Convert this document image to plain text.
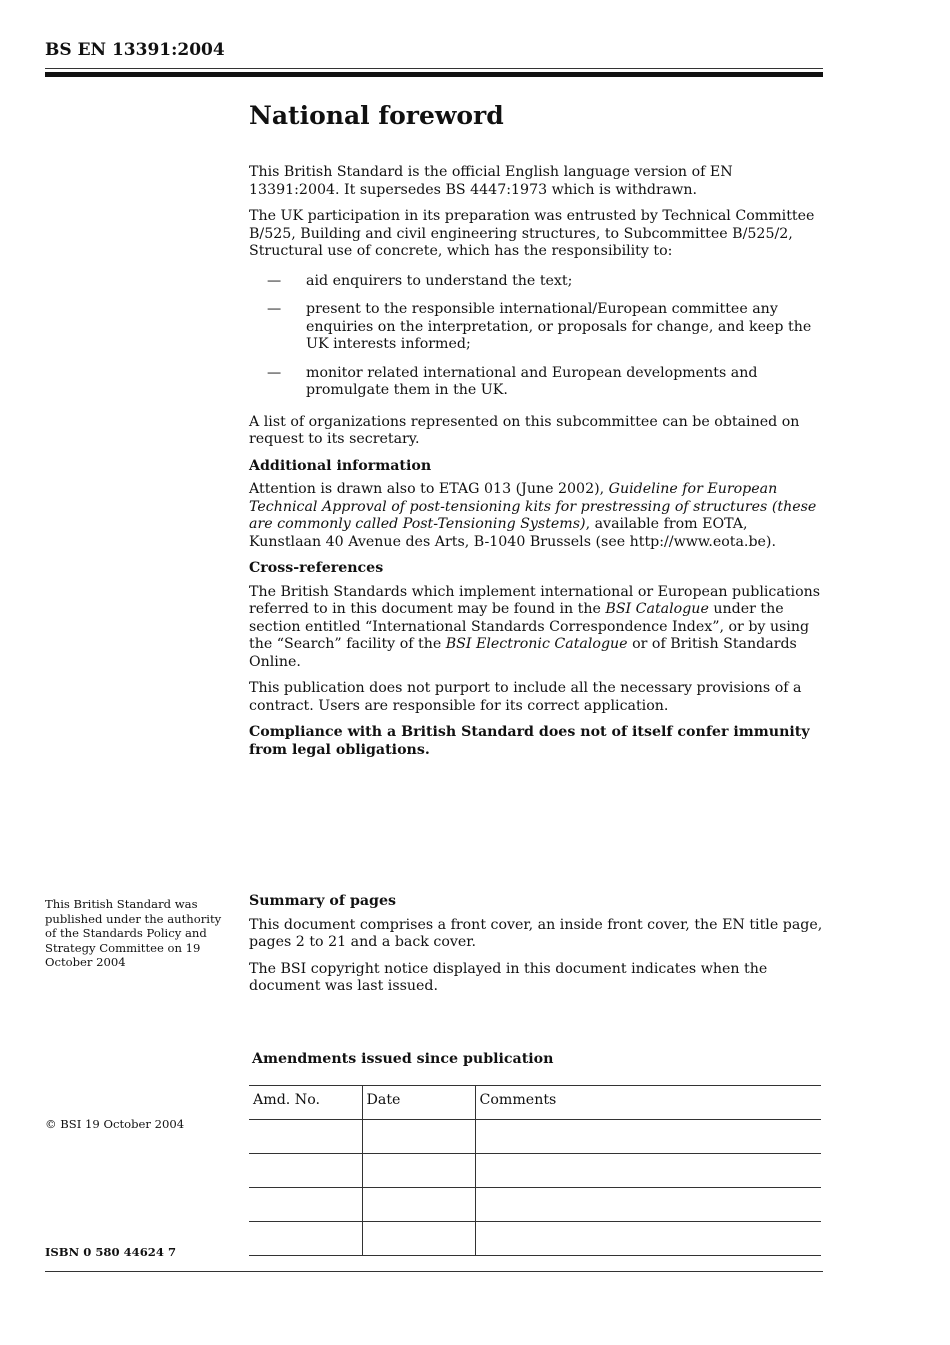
BS EN 13391:2004
National foreword

This British Standard is the official English language version of EN 13391:2004. It supersedes BS 4447:1973 which is withdrawn.

The UK participation in its preparation was entrusted by Technical Committee B/525, Building and civil engineering structures, to Subcommittee B/525/2, Structural use of concrete, which has the responsibility to:

—	aid enquirers to understand the text;
—	present to the responsible international/European committee any enquiries on the interpretation, or proposals for change, and keep the UK interests informed;
—	monitor related international and European developments and promulgate them in the UK.

A list of organizations represented on this subcommittee can be obtained on request to its secretary.

Additional information

Attention is drawn also to ETAG 013 (June 2002), Guideline for European Technical Approval of post-tensioning kits for prestressing of structures (these are commonly called Post-Tensioning Systems), available from EOTA, Kunstlaan 40 Avenue des Arts, B-1040 Brussels (see http://www.eota.be).

Cross-references

The British Standards which implement international or European publications referred to in this document may be found in the BSI Catalogue under the section entitled “International Standards Correspondence Index”, or by using the “Search” facility of the BSI Electronic Catalogue or of British Standards Online.

This publication does not purport to include all the necessary provisions of a contract. Users are responsible for its correct application.

Compliance with a British Standard does not of itself confer immunity from legal obligations.

This British Standard was published under the authority of the Standards Policy and Strategy Committee on 19 October 2004
Summary of pages

This document comprises a front cover, an inside front cover, the EN title page, pages 2 to 21 and a back cover.

The BSI copyright notice displayed in this document indicates when the document was last issued.

Amendments issued since publication
Amd. No.	Date	Comments

© BSI 19 October 2004
ISBN 0 580 44624 7
